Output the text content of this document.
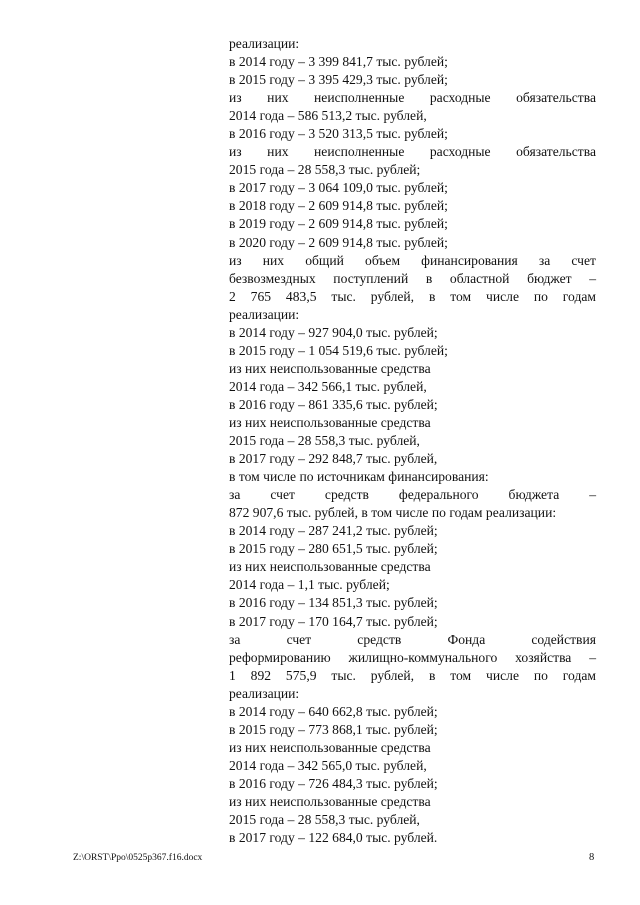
реализации:
в 2014 году – 3 399 841,7 тыс. рублей;
в 2015 году – 3 395 429,3 тыс. рублей;
из них неисполненные расходные обязательства
2014 года – 586 513,2 тыс. рублей,
в 2016 году – 3 520 313,5 тыс. рублей;
из них неисполненные расходные обязательства
2015 года – 28 558,3 тыс. рублей;
в 2017 году – 3 064 109,0 тыс. рублей;
в 2018 году – 2 609 914,8 тыс. рублей;
в 2019 году – 2 609 914,8 тыс. рублей;
в 2020 году – 2 609 914,8 тыс. рублей;
из них общий объем финансирования за счет
безвозмездных поступлений в областной бюджет –
2 765 483,5 тыс. рублей, в том числе по годам
реализации:
в 2014 году – 927 904,0 тыс. рублей;
в 2015 году – 1 054 519,6 тыс. рублей;
из них неиспользованные средства
2014 года – 342 566,1 тыс. рублей,
в 2016 году – 861 335,6 тыс. рублей;
из них неиспользованные средства
2015 года – 28 558,3 тыс. рублей,
в 2017 году – 292 848,7 тыс. рублей,
в том числе по источникам финансирования:
за счет средств федерального бюджета –
872 907,6 тыс. рублей, в том числе по годам реализации:
в 2014 году – 287 241,2 тыс. рублей;
в 2015 году – 280 651,5 тыс. рублей;
из них неиспользованные средства
2014 года – 1,1 тыс. рублей;
в 2016 году – 134 851,3 тыс. рублей;
в 2017 году – 170 164,7 тыс. рублей;
за счет средств Фонда содействия
реформированию жилищно-коммунального хозяйства –
1 892 575,9 тыс. рублей, в том числе по годам
реализации:
в 2014 году – 640 662,8 тыс. рублей;
в 2015 году – 773 868,1 тыс. рублей;
из них неиспользованные средства
2014 года – 342 565,0 тыс. рублей,
в 2016 году – 726 484,3 тыс. рублей;
из них неиспользованные средства
2015 года – 28 558,3 тыс. рублей,
в 2017 году – 122 684,0 тыс. рублей.
Z:\ORST\Ppo\0525p367.f16.docx	8
